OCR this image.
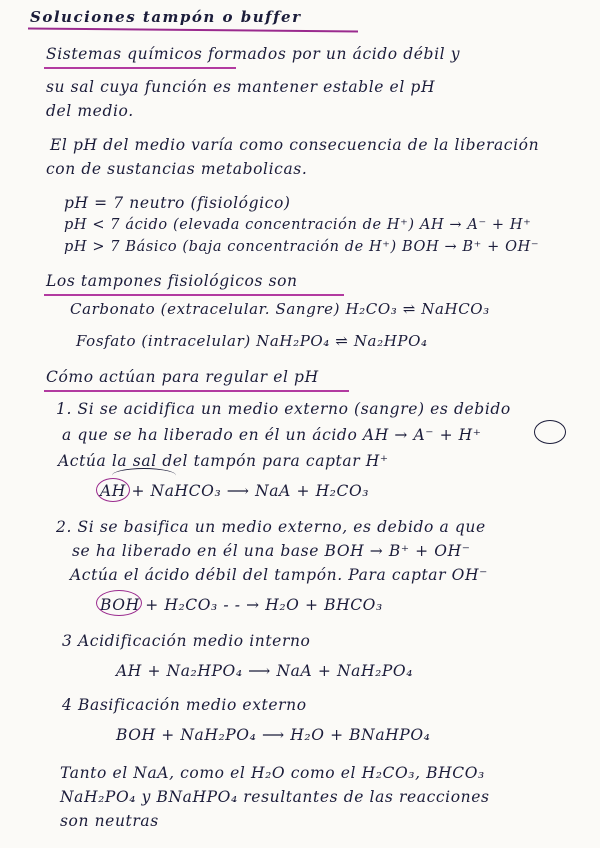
Soluciones tampón o buffer
Sistemas químicos formados por un ácido débil y
su sal cuya función es mantener estable el pH
del medio.
El pH del medio varía como consecuencia de la liberación
con de sustancias metabolicas.
pH = 7 neutro (fisiológico)
pH < 7 ácido (elevada concentración de H⁺) AH → A⁻ + H⁺
pH > 7 Básico (baja concentración de H⁺) BOH → B⁺ + OH⁻
Los tampones fisiológicos son
Carbonato (extracelular. Sangre) H₂CO₃ ⇌ NaHCO₃
Fosfato (intracelular) NaH₂PO₄ ⇌ Na₂HPO₄
Cómo actúan para regular el pH
1. Si se acidifica un medio externo (sangre) es debido
a que se ha liberado en él un ácido AH → A⁻ + H⁺
Actúa la sal del tampón para captar H⁺
AH + NaHCO₃ ⟶ NaA + H₂CO₃
2. Si se basifica un medio externo, es debido a que
se ha liberado en él una base BOH → B⁺ + OH⁻
Actúa el ácido débil del tampón. Para captar OH⁻
BOH + H₂CO₃ - - → H₂O + BHCO₃
3 Acidificación medio interno
AH + Na₂HPO₄ ⟶ NaA + NaH₂PO₄
4 Basificación medio externo
BOH + NaH₂PO₄ ⟶ H₂O + BNaHPO₄
Tanto el NaA, como el H₂O como el H₂CO₃, BHCO₃
NaH₂PO₄ y BNaHPO₄ resultantes de las reacciones
son neutras
